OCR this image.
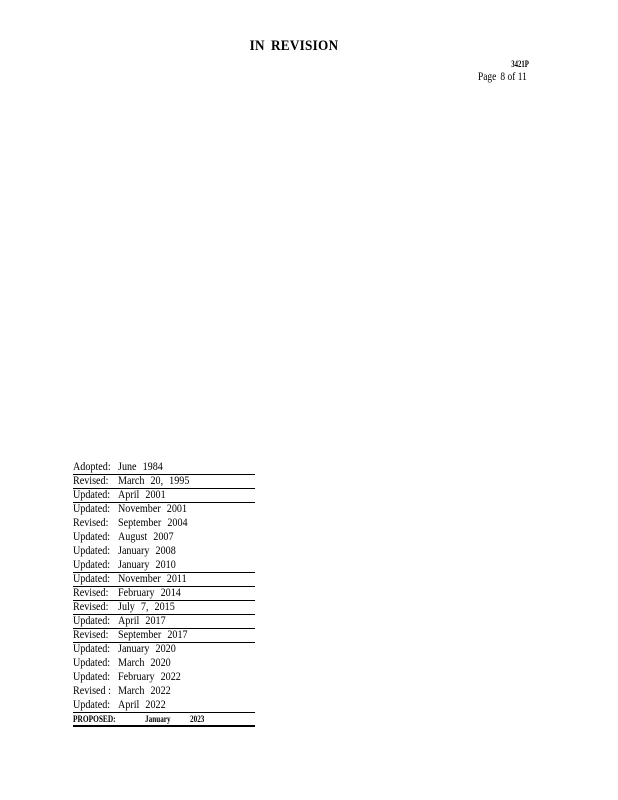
IN REVISION
3421P
Page 8 of 11
Adopted: June 1984
Revised: March 20, 1995
Updated: April 2001
Updated: November 2001
Revised: September 2004
Updated: August 2007
Updated: January 2008
Updated: January 2010
Updated: November 2011
Revised: February 2014
Revised: July 7, 2015
Updated: April 2017
Revised: September 2017
Updated: January 2020
Updated: March 2020
Updated: February 2022
Revised : March 2022
Updated: April 2022
PROPOSED:	January 2023
